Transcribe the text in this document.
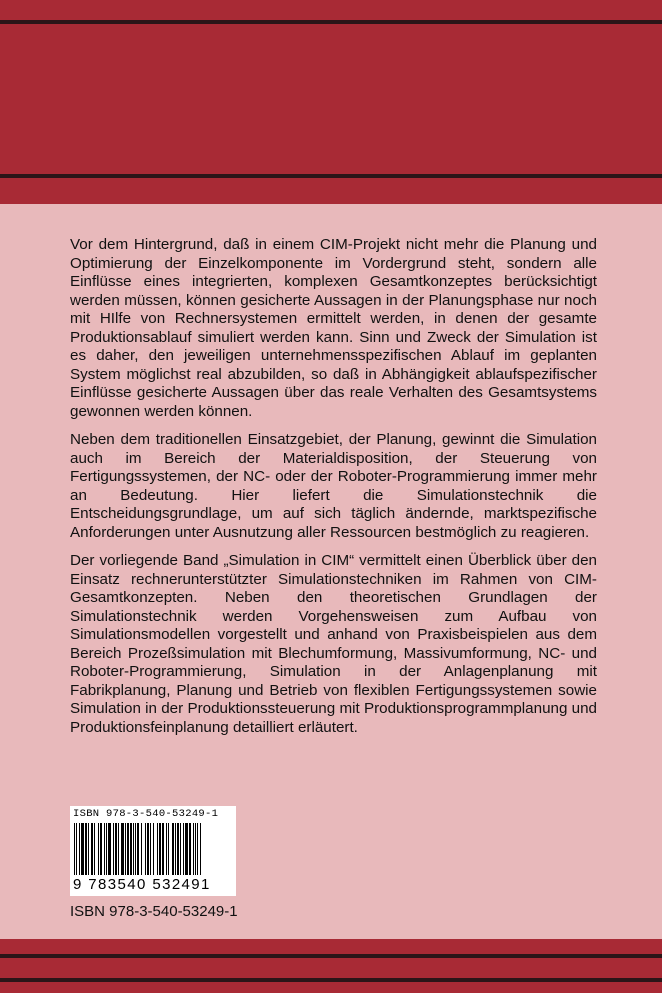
Vor dem Hintergrund, daß in einem CIM-Projekt nicht mehr die Planung und Optimierung der Einzelkomponente im Vordergrund steht, sondern alle Einflüsse eines integrierten, komplexen Gesamtkonzeptes berücksichtigt werden müssen, können gesicherte Aussagen in der Planungsphase nur noch mit HIlfe von Rechnersystemen ermittelt werden, in denen der gesamte Produktionsablauf simuliert werden kann. Sinn und Zweck der Simulation ist es daher, den jeweiligen unternehmensspezifischen Ablauf im geplanten System möglichst real abzubilden, so daß in Abhängigkeit ablaufspezifischer Einflüsse gesicherte Aussagen über das reale Verhalten des Gesamtsystems gewonnen werden können.

Neben dem traditionellen Einsatzgebiet, der Planung, gewinnt die Simulation auch im Bereich der Materialdisposition, der Steuerung von Fertigungssystemen, der NC- oder der Roboter-Programmierung immer mehr an Bedeutung. Hier liefert die Simulationstechnik die Entscheidungsgrundlage, um auf sich täglich ändernde, marktspezifische Anforderungen unter Ausnutzung aller Ressourcen bestmöglich zu reagieren.

Der vorliegende Band „Simulation in CIM“ vermittelt einen Überblick über den Einsatz rechnerunterstützter Simulationstechniken im Rahmen von CIM-Gesamtkonzepten. Neben den theoretischen Grundlagen der Simulationstechnik werden Vorgehensweisen zum Aufbau von Simulationsmodellen vorgestellt und anhand von Praxisbeispielen aus dem Bereich Prozeßsimulation mit Blechumformung, Massivumformung, NC- und Roboter-Programmierung, Simulation in der Anlagenplanung mit Fabrikplanung, Planung und Betrieb von flexiblen Fertigungssystemen sowie Simulation in der Produktionssteuerung mit Produktionsprogrammplanung und Produktionsfeinplanung detailliert erläutert.

ISBN 978-3-540-53249-1
9 783540 532491
ISBN 978-3-540-53249-1
